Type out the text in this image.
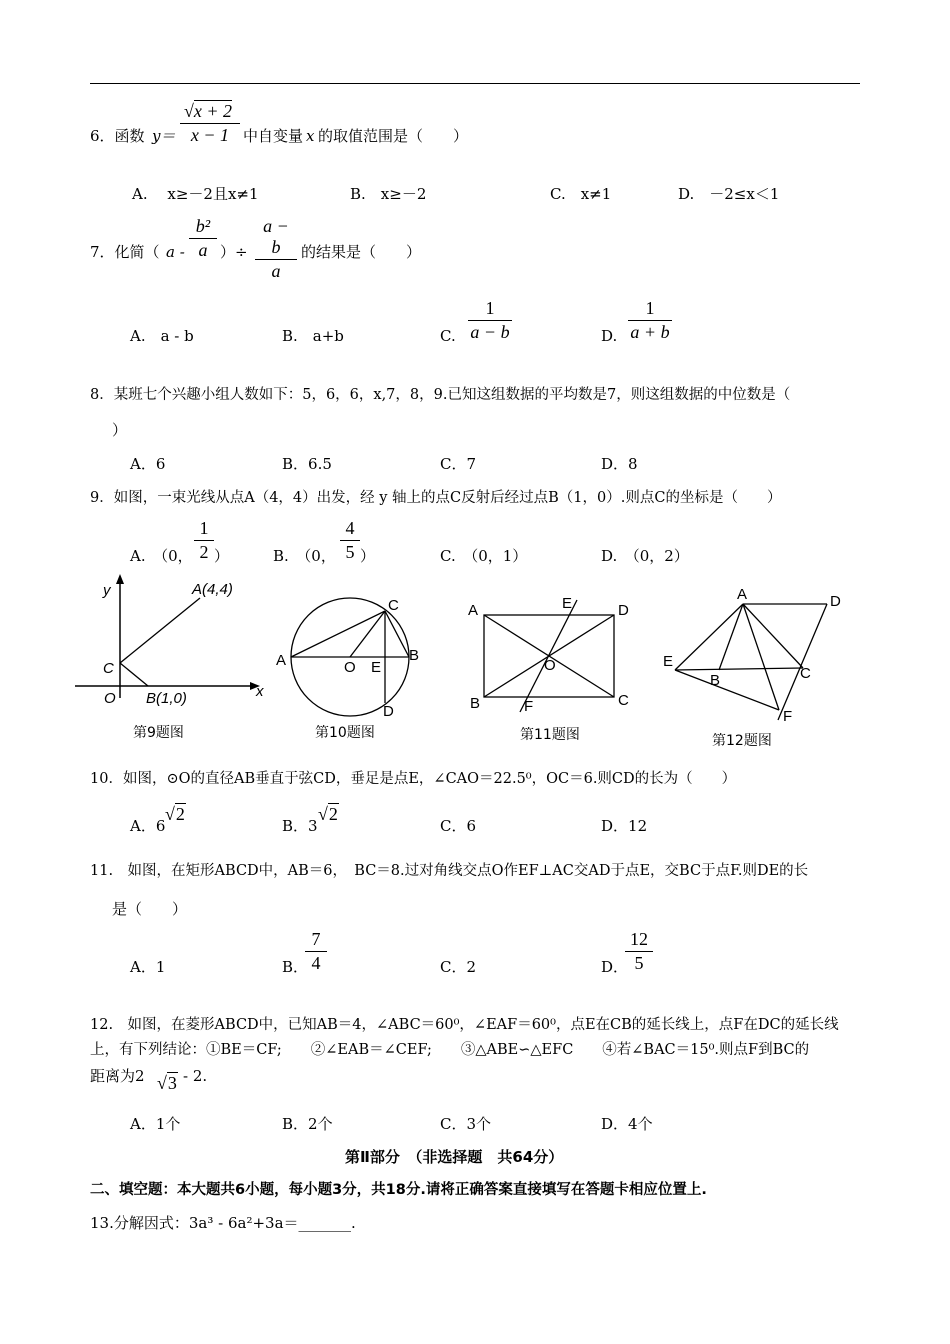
6．函数 y＝
√x + 2
x − 1 中自变量 x 的取值范围是（　　）
A.　 x≥－2且x≠1	B.　x≥－2	C.　x≠1	D.　－2≤x＜1
7．化简（ a -
b²
a ）÷
a − b
a
的结果是（　　）
A.　a - b	B.　a+b	C.
1
a − b	D.
1
a + b
8．某班七个兴趣小组人数如下：5，6，6，x,7，8，9.已知这组数据的平均数是7，则这组数据的中位数是（
）
A．6	B．6.5	C．7	D．8
9．如图，一束光线从点A（4，4）出发，经 y 轴上的点C反射后经过点B（1，0）.则点C的坐标是（　　）
A.　（0，
1
2 ）	B.　（0，
4
5 ）	C.　（0，1）	D.　（0，2）
y	A(4,4)
C
O B(1,0)	x
第9题图
A
C
B
O E
D
第10题图
A	E	D
O
B	F	C
第11题图
A	D
E
B	C
F
第12题图
10．如图，⊙O的直径AB垂直于弦CD，垂足是点E，∠CAO＝22.5⁰，OC＝6.则CD的长为（　　）
A．6
√2
B．3
√2
C．6	D．12
11.　如图，在矩形ABCD中，AB＝6，　BC＝8.过对角线交点O作EF⊥AC交AD于点E，交BC于点F.则DE的长
是（　　）
A．1	B．
7
4	C．2	D．
12
5
12.　如图，在菱形ABCD中，已知AB＝4，∠ABC＝60⁰，∠EAF＝60⁰，点E在CB的延长线上，点F在DC的延长线
上，有下列结论：①BE＝CF;　　②∠EAB＝∠CEF;　　③△ABE∽△EFC　　④若∠BAC＝15⁰.则点F到BC的
距离为2 √3 - 2.
A．1个	B．2个	C．3个	D．4个
第Ⅱ部分　（非选择题　共64分）
二、填空题：本大题共6小题，每小题3分，共18分.请将正确答案直接填写在答题卡相应位置上.
13.分解因式：3a³ - 6a²+3a＝_______.
